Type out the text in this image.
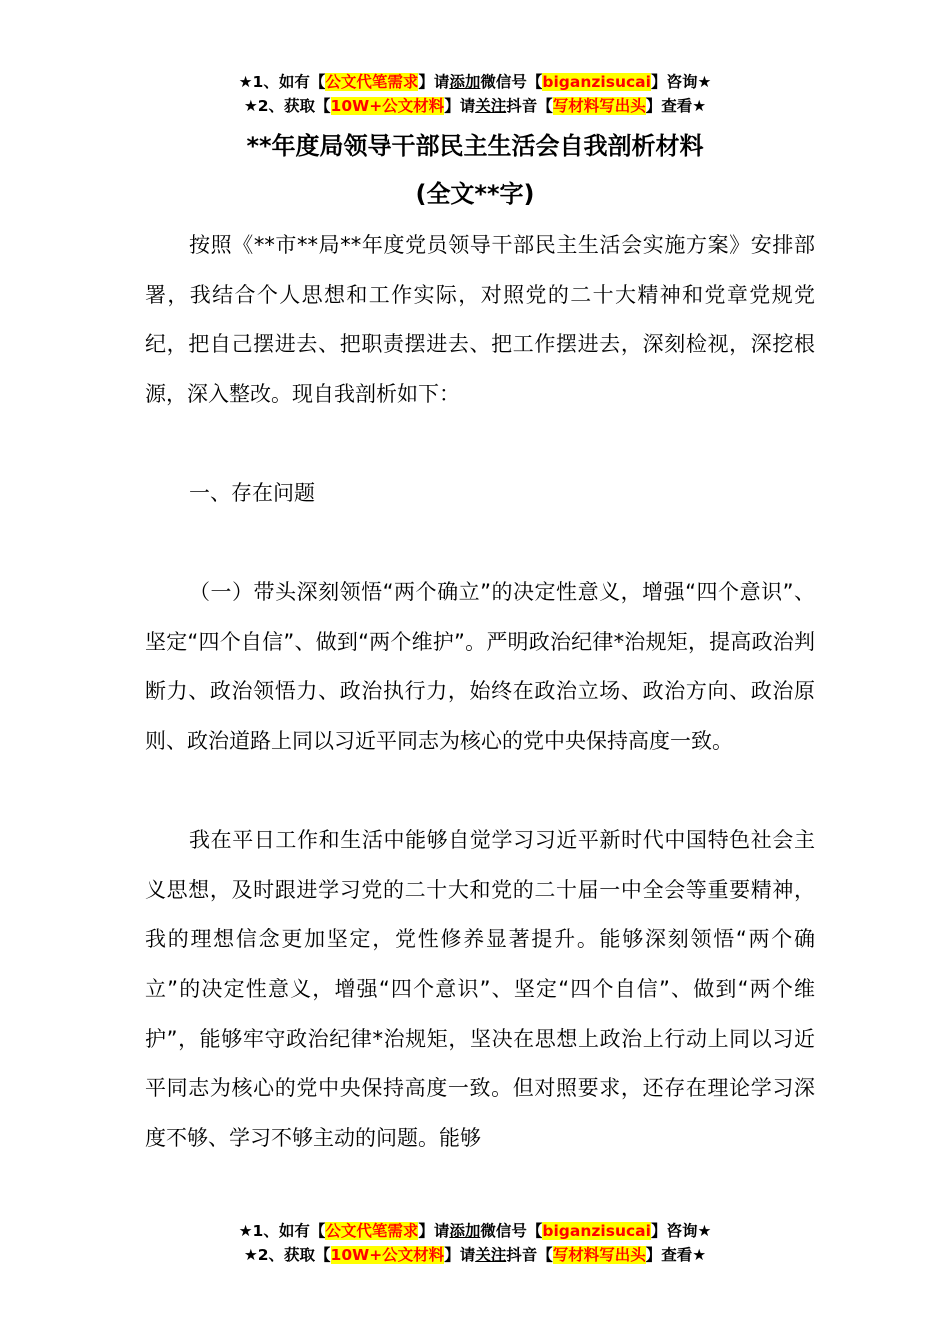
★1、如有【公文代笔需求】请添加微信号【biganzisucai】咨询★
★2、获取【10W+公文材料】请关注抖音【写材料写出头】查看★
**年度局领导干部民主生活会自我剖析材料
(全文**字)

按照《**市**局**年度党员领导干部民主生活会实施方案》安排部署，我结合个人思想和工作实际，对照党的二十大精神和党章党规党纪，把自己摆进去、把职责摆进去、把工作摆进去，深刻检视，深挖根源，深入整改。现自我剖析如下：

一、存在问题

（一）带头深刻领悟“两个确立”的决定性意义，增强“四个意识”、坚定“四个自信”、做到“两个维护”。严明政治纪律*治规矩，提高政治判断力、政治领悟力、政治执行力，始终在政治立场、政治方向、政治原则、政治道路上同以习近平同志为核心的党中央保持高度一致。

我在平日工作和生活中能够自觉学习习近平新时代中国特色社会主义思想，及时跟进学习党的二十大和党的二十届一中全会等重要精神，我的理想信念更加坚定，党性修养显著提升。能够深刻领悟“两个确立”的决定性意义，增强“四个意识”、坚定“四个自信”、做到“两个维护”，能够牢守政治纪律*治规矩，坚决在思想上政治上行动上同以习近平同志为核心的党中央保持高度一致。但对照要求，还存在理论学习深度不够、学习不够主动的问题。能够

★1、如有【公文代笔需求】请添加微信号【biganzisucai】咨询★
★2、获取【10W+公文材料】请关注抖音【写材料写出头】查看★
